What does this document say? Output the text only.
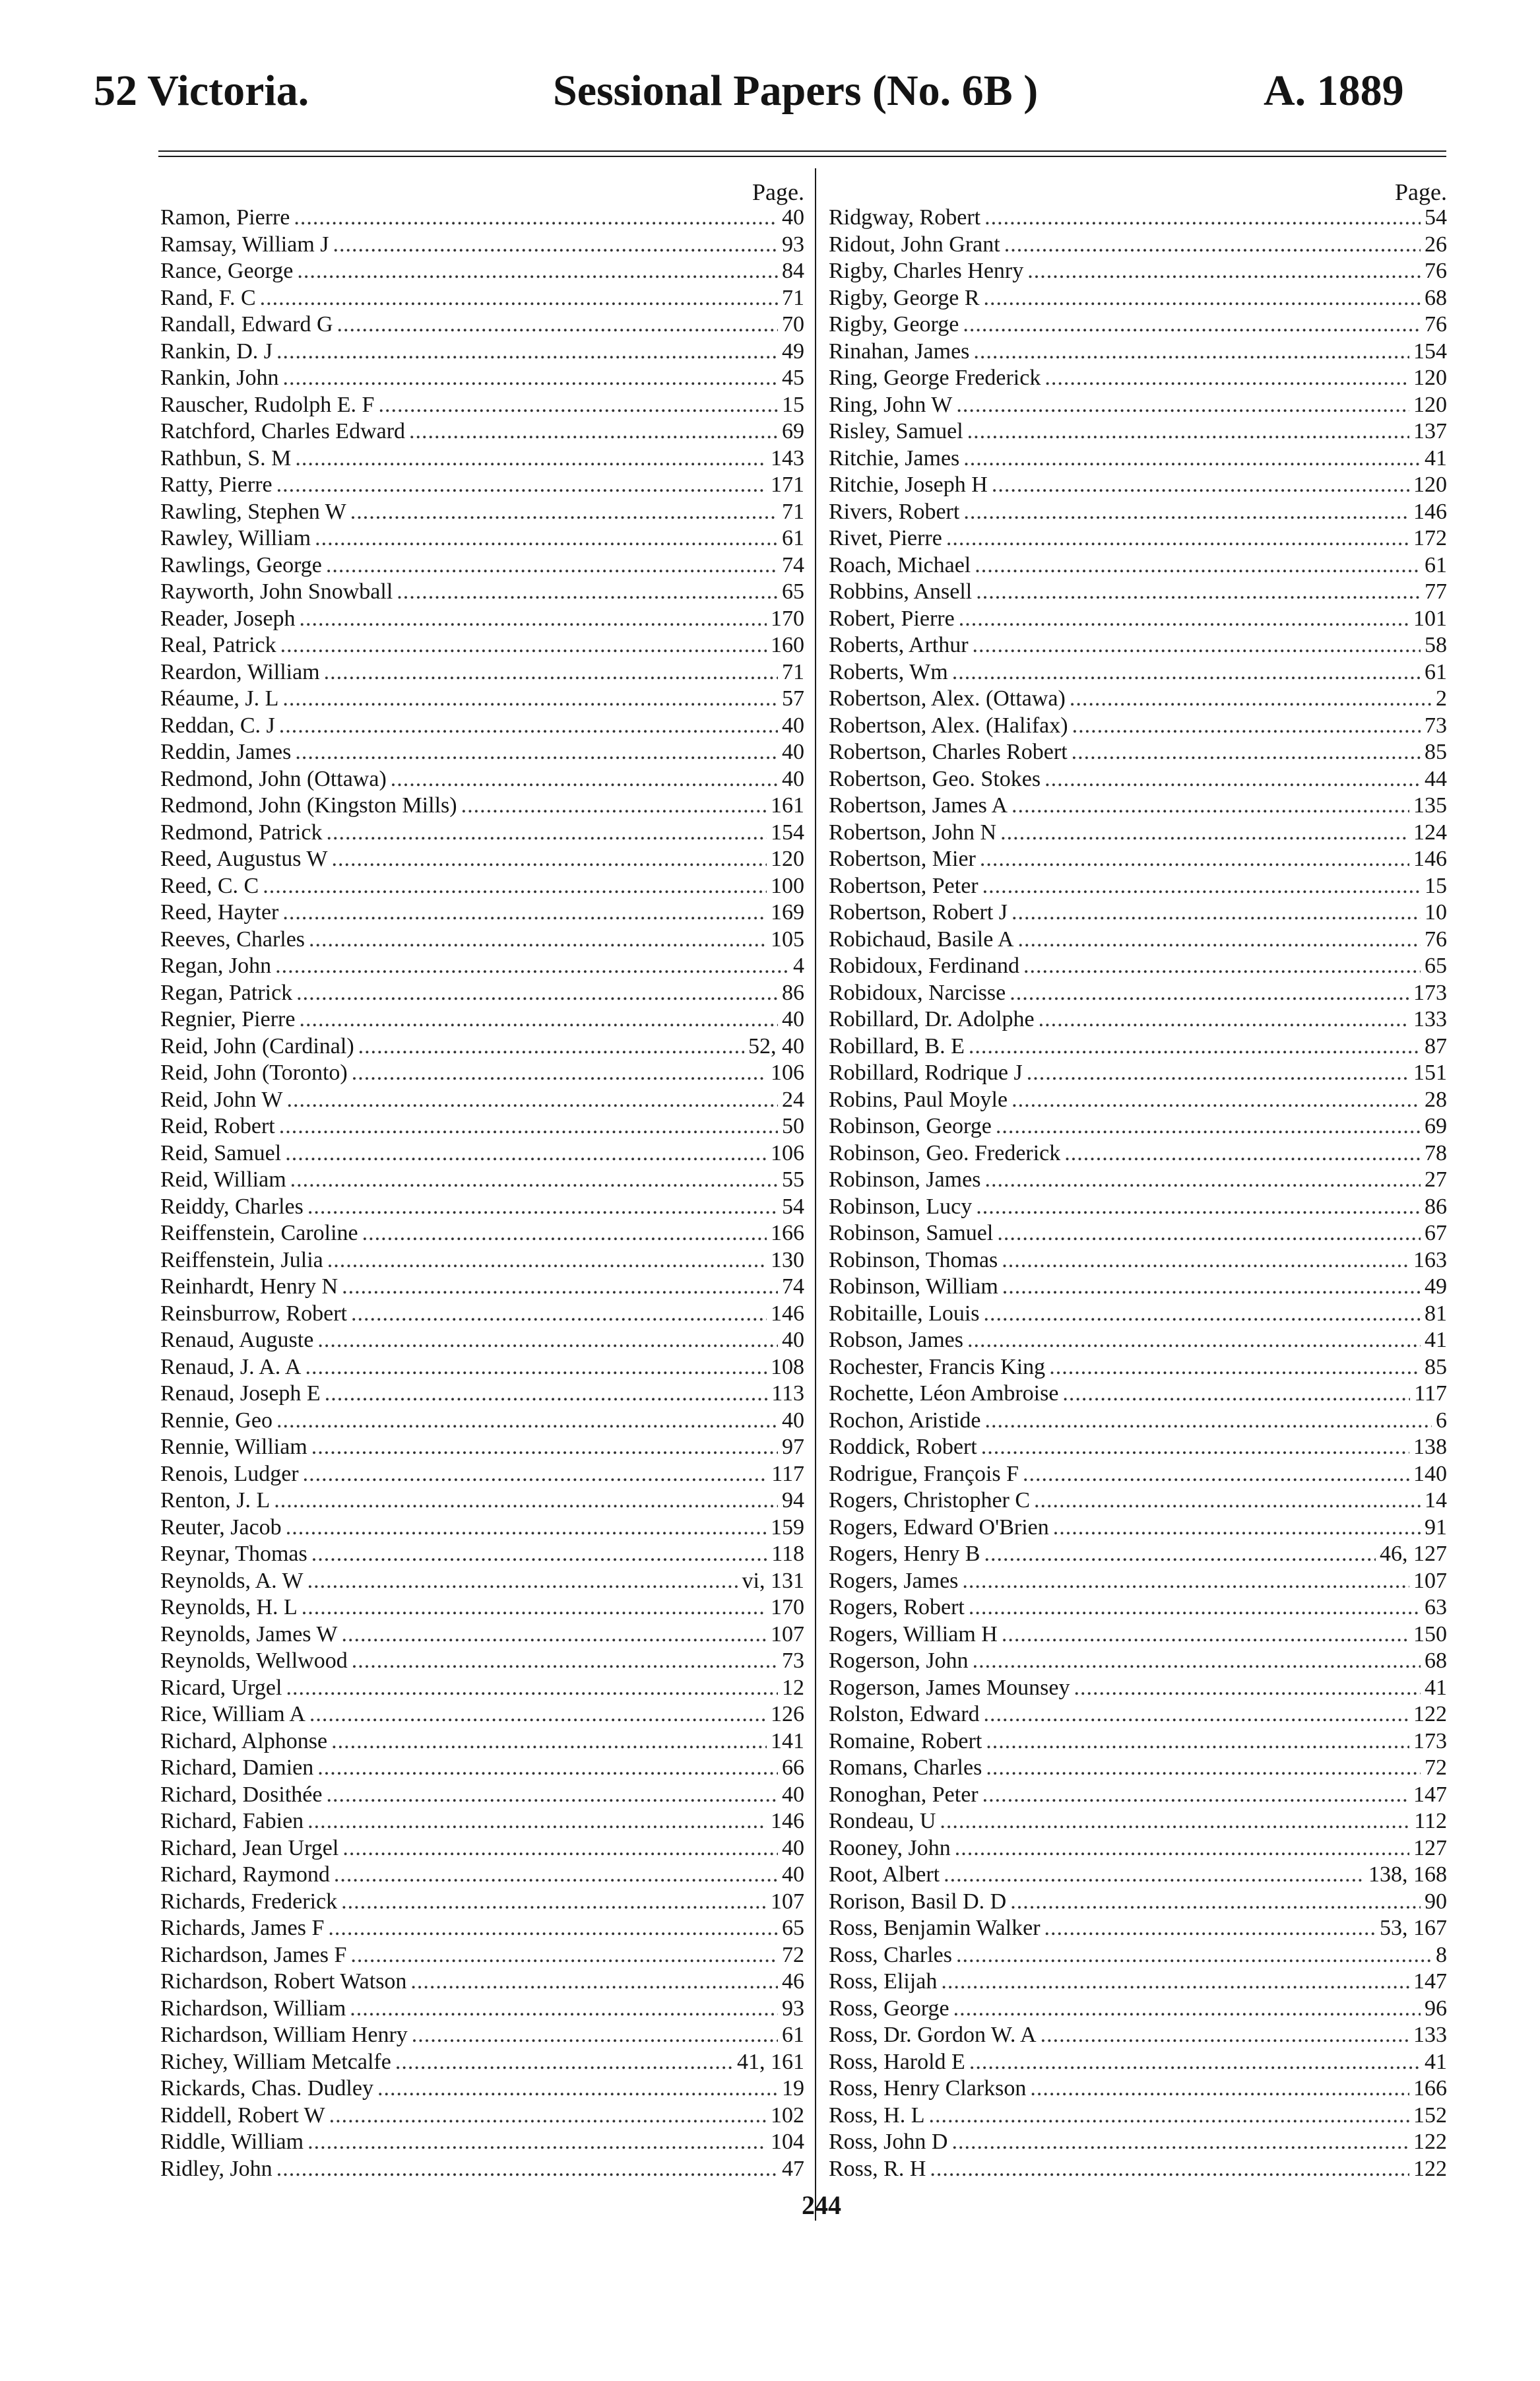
52 Victoria.	Sessional Papers (No. 6B )	A. 1889
Page.
Ramon, Pierre .....	40
Ramsay, William J .....	93
Rance, George .....	84
Rand, F. C .....	71
Randall, Edward G .....	70
Rankin, D. J .....	49
Rankin, John .....	45
Rauscher, Rudolph E. F .....	15
Ratchford, Charles Edward .....	69
Rathbun, S. M .....	143
Ratty, Pierre .....	171
Rawling, Stephen W .....	71
Rawley, William .....	61
Rawlings, George .....	74
Rayworth, John Snowball .....	65
Reader, Joseph .....	170
Real, Patrick .....	160
Reardon, William .....	71
Réaume, J. L .....	57
Reddan, C. J .....	40
Reddin, James .....	40
Redmond, John (Ottawa) .....	40
Redmond, John (Kingston Mills) .....	161
Redmond, Patrick .....	154
Reed, Augustus W .....	120
Reed, C. C .....	100
Reed, Hayter .....	169
Reeves, Charles .....	105
Regan, John .....	4
Regan, Patrick .....	86
Regnier, Pierre .....	40
Reid, John (Cardinal) .....	52, 40
Reid, John (Toronto) .....	106
Reid, John W .....	24
Reid, Robert .....	50
Reid, Samuel .....	106
Reid, William .....	55
Reiddy, Charles .....	54
Reiffenstein, Caroline .....	166
Reiffenstein, Julia .....	130
Reinhardt, Henry N .....	74
Reinsburrow, Robert .....	146
Renaud, Auguste .....	40
Renaud, J. A. A .....	108
Renaud, Joseph E .....	113
Rennie, Geo .....	40
Rennie, William .....	97
Renois, Ludger .....	117
Renton, J. L .....	94
Reuter, Jacob .....	159
Reynar, Thomas .....	118
Reynolds, A. W .....	vi, 131
Reynolds, H. L .....	170
Reynolds, James W .....	107
Reynolds, Wellwood .....	73
Ricard, Urgel .....	12
Rice, William A .....	126
Richard, Alphonse .....	141
Richard, Damien .....	66
Richard, Dosithée .....	40
Richard, Fabien .....	146
Richard, Jean Urgel .....	40
Richard, Raymond .....	40
Richards, Frederick .....	107
Richards, James F .....	65
Richardson, James F .....	72
Richardson, Robert Watson .....	46
Richardson, William .....	93
Richardson, William Henry .....	61
Richey, William Metcalfe .....	41, 161
Rickards, Chas. Dudley .....	19
Riddell, Robert W .....	102
Riddle, William .....	104
Ridley, John .....	47
Page.
Ridgway, Robert .....	54
Ridout, John Grant .....	26
Rigby, Charles Henry .....	76
Rigby, George R .....	68
Rigby, George .....	76
Rinahan, James .....	154
Ring, George Frederick .....	120
Ring, John W .....	120
Risley, Samuel .....	137
Ritchie, James .....	41
Ritchie, Joseph H .....	120
Rivers, Robert .....	146
Rivet, Pierre .....	172
Roach, Michael .....	61
Robbins, Ansell .....	77
Robert, Pierre .....	101
Roberts, Arthur .....	58
Roberts, Wm .....	61
Robertson, Alex. (Ottawa) .....	2
Robertson, Alex. (Halifax) .....	73
Robertson, Charles Robert .....	85
Robertson, Geo. Stokes .....	44
Robertson, James A .....	135
Robertson, John N .....	124
Robertson, Mier .....	146
Robertson, Peter .....	15
Robertson, Robert J .....	10
Robichaud, Basile A .....	76
Robidoux, Ferdinand .....	65
Robidoux, Narcisse .....	173
Robillard, Dr. Adolphe .....	133
Robillard, B. E .....	87
Robillard, Rodrique J .....	151
Robins, Paul Moyle .....	28
Robinson, George .....	69
Robinson, Geo. Frederick .....	78
Robinson, James .....	27
Robinson, Lucy .....	86
Robinson, Samuel .....	67
Robinson, Thomas .....	163
Robinson, William .....	49
Robitaille, Louis .....	81
Robson, James .....	41
Rochester, Francis King .....	85
Rochette, Léon Ambroise .....	117
Rochon, Aristide .....	6
Roddick, Robert .....	138
Rodrigue, François F .....	140
Rogers, Christopher C .....	14
Rogers, Edward O'Brien .....	91
Rogers, Henry B .....	46, 127
Rogers, James .....	107
Rogers, Robert .....	63
Rogers, William H .....	150
Rogerson, John .....	68
Rogerson, James Mounsey .....	41
Rolston, Edward .....	122
Romaine, Robert .....	173
Romans, Charles .....	72
Ronoghan, Peter .....	147
Rondeau, U .....	112
Rooney, John .....	127
Root, Albert .....	138, 168
Rorison, Basil D. D .....	90
Ross, Benjamin Walker .....	53, 167
Ross, Charles .....	8
Ross, Elijah .....	147
Ross, George .....	96
Ross, Dr. Gordon W. A .....	133
Ross, Harold E .....	41
Ross, Henry Clarkson .....	166
Ross, H. L .....	152
Ross, John D .....	122
Ross, R. H .....	122
244
